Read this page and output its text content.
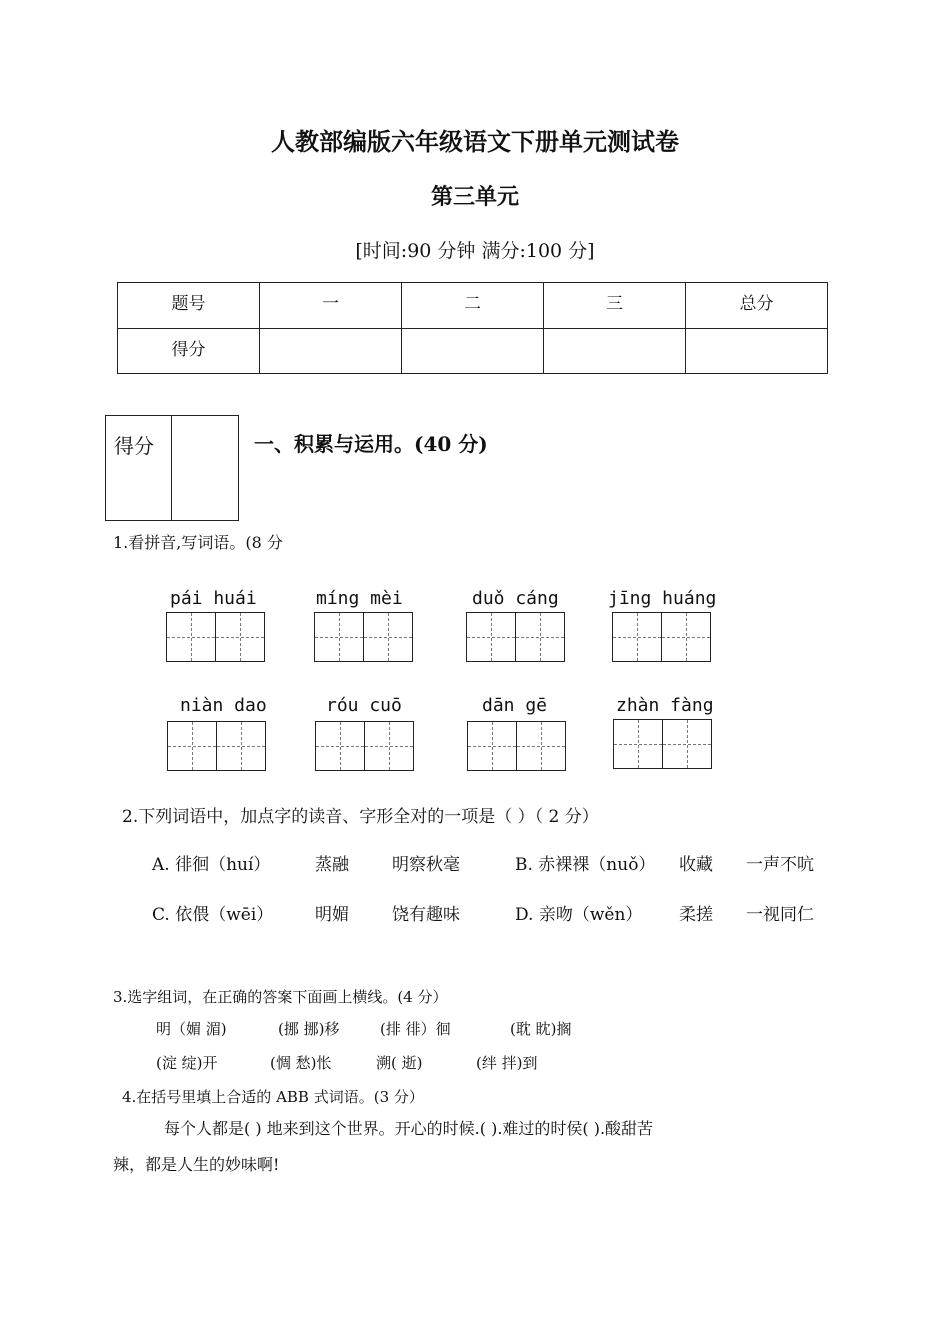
人教部编版六年级语文下册单元测试卷
第三单元
[时间:90 分钟 满分:100 分]
题号	一	二	三	总分
得分				
得分	一、积累与运用。(40 分)
1.看拼音,写词语。(8 分
pái huái	míng mèi	duǒ cáng	jīng huáng
niàn dao	róu cuō	dān gē	zhàn fàng
2.下列词语中，加点字的读音、字形全对的一项是（ ）（ 2 分）
A. 徘徊（huí）	蒸融	明察秋毫	B. 赤裸裸（nuǒ） 收藏 一声不吭
C. 依偎（wēi） 明媚	饶有趣味	D. 亲吻（wěn） 柔搓 一视同仁
3.选字组词，在正确的答案下面画上横线。(4 分）
明（媚 湄)	(挪 挪)移	(排 徘）徊	(耽 眈)搁
(淀 绽)开	(惆 愁)怅	溯( 逝)	(绊 拌)到
4.在括号里填上合适的 ABB 式词语。(3 分）
每个人都是( ) 地来到这个世界。开心的时候.( ).难过的时侯( ).酸甜苦
辣，都是人生的妙味啊!
